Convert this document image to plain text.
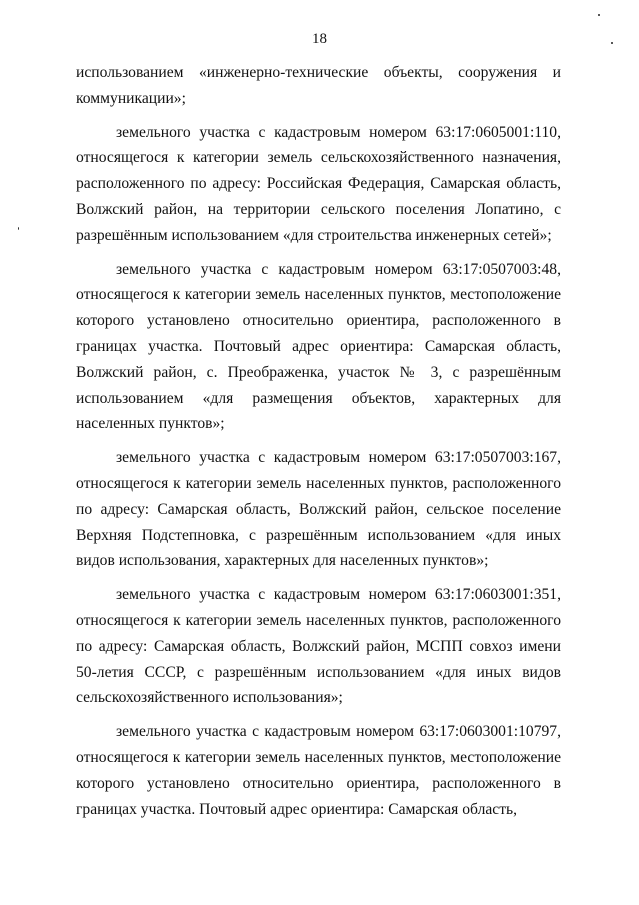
18

использованием «инженерно-технические объекты, сооружения и коммуникации»;

земельного участка с кадастровым номером 63:17:0605001:110, относящегося к категории земель сельскохозяйственного назначения, расположенного по адресу: Российская Федерация, Самарская область, Волжский район, на территории сельского поселения Лопатино, с разрешённым использованием «для строительства инженерных сетей»;

земельного участка с кадастровым номером 63:17:0507003:48, относящегося к категории земель населенных пунктов, местоположение которого установлено относительно ориентира, расположенного в границах участка. Почтовый адрес ориентира: Самарская область, Волжский район, с. Преображенка, участок № 3, с разрешённым использованием «для размещения объектов, характерных для населенных пунктов»;

земельного участка с кадастровым номером 63:17:0507003:167, относящегося к категории земель населенных пунктов, расположенного по адресу: Самарская область, Волжский район, сельское поселение Верхняя Подстепновка, с разрешённым использованием «для иных видов использования, характерных для населенных пунктов»;

земельного участка с кадастровым номером 63:17:0603001:351, относящегося к категории земель населенных пунктов, расположенного по адресу: Самарская область, Волжский район, МСПП совхоз имени 50-летия СССР, с разрешённым использованием «для иных видов сельскохозяйственного использования»;

земельного участка с кадастровым номером 63:17:0603001:10797, относящегося к категории земель населенных пунктов, местоположение которого установлено относительно ориентира, расположенного в границах участка. Почтовый адрес ориентира: Самарская область,
